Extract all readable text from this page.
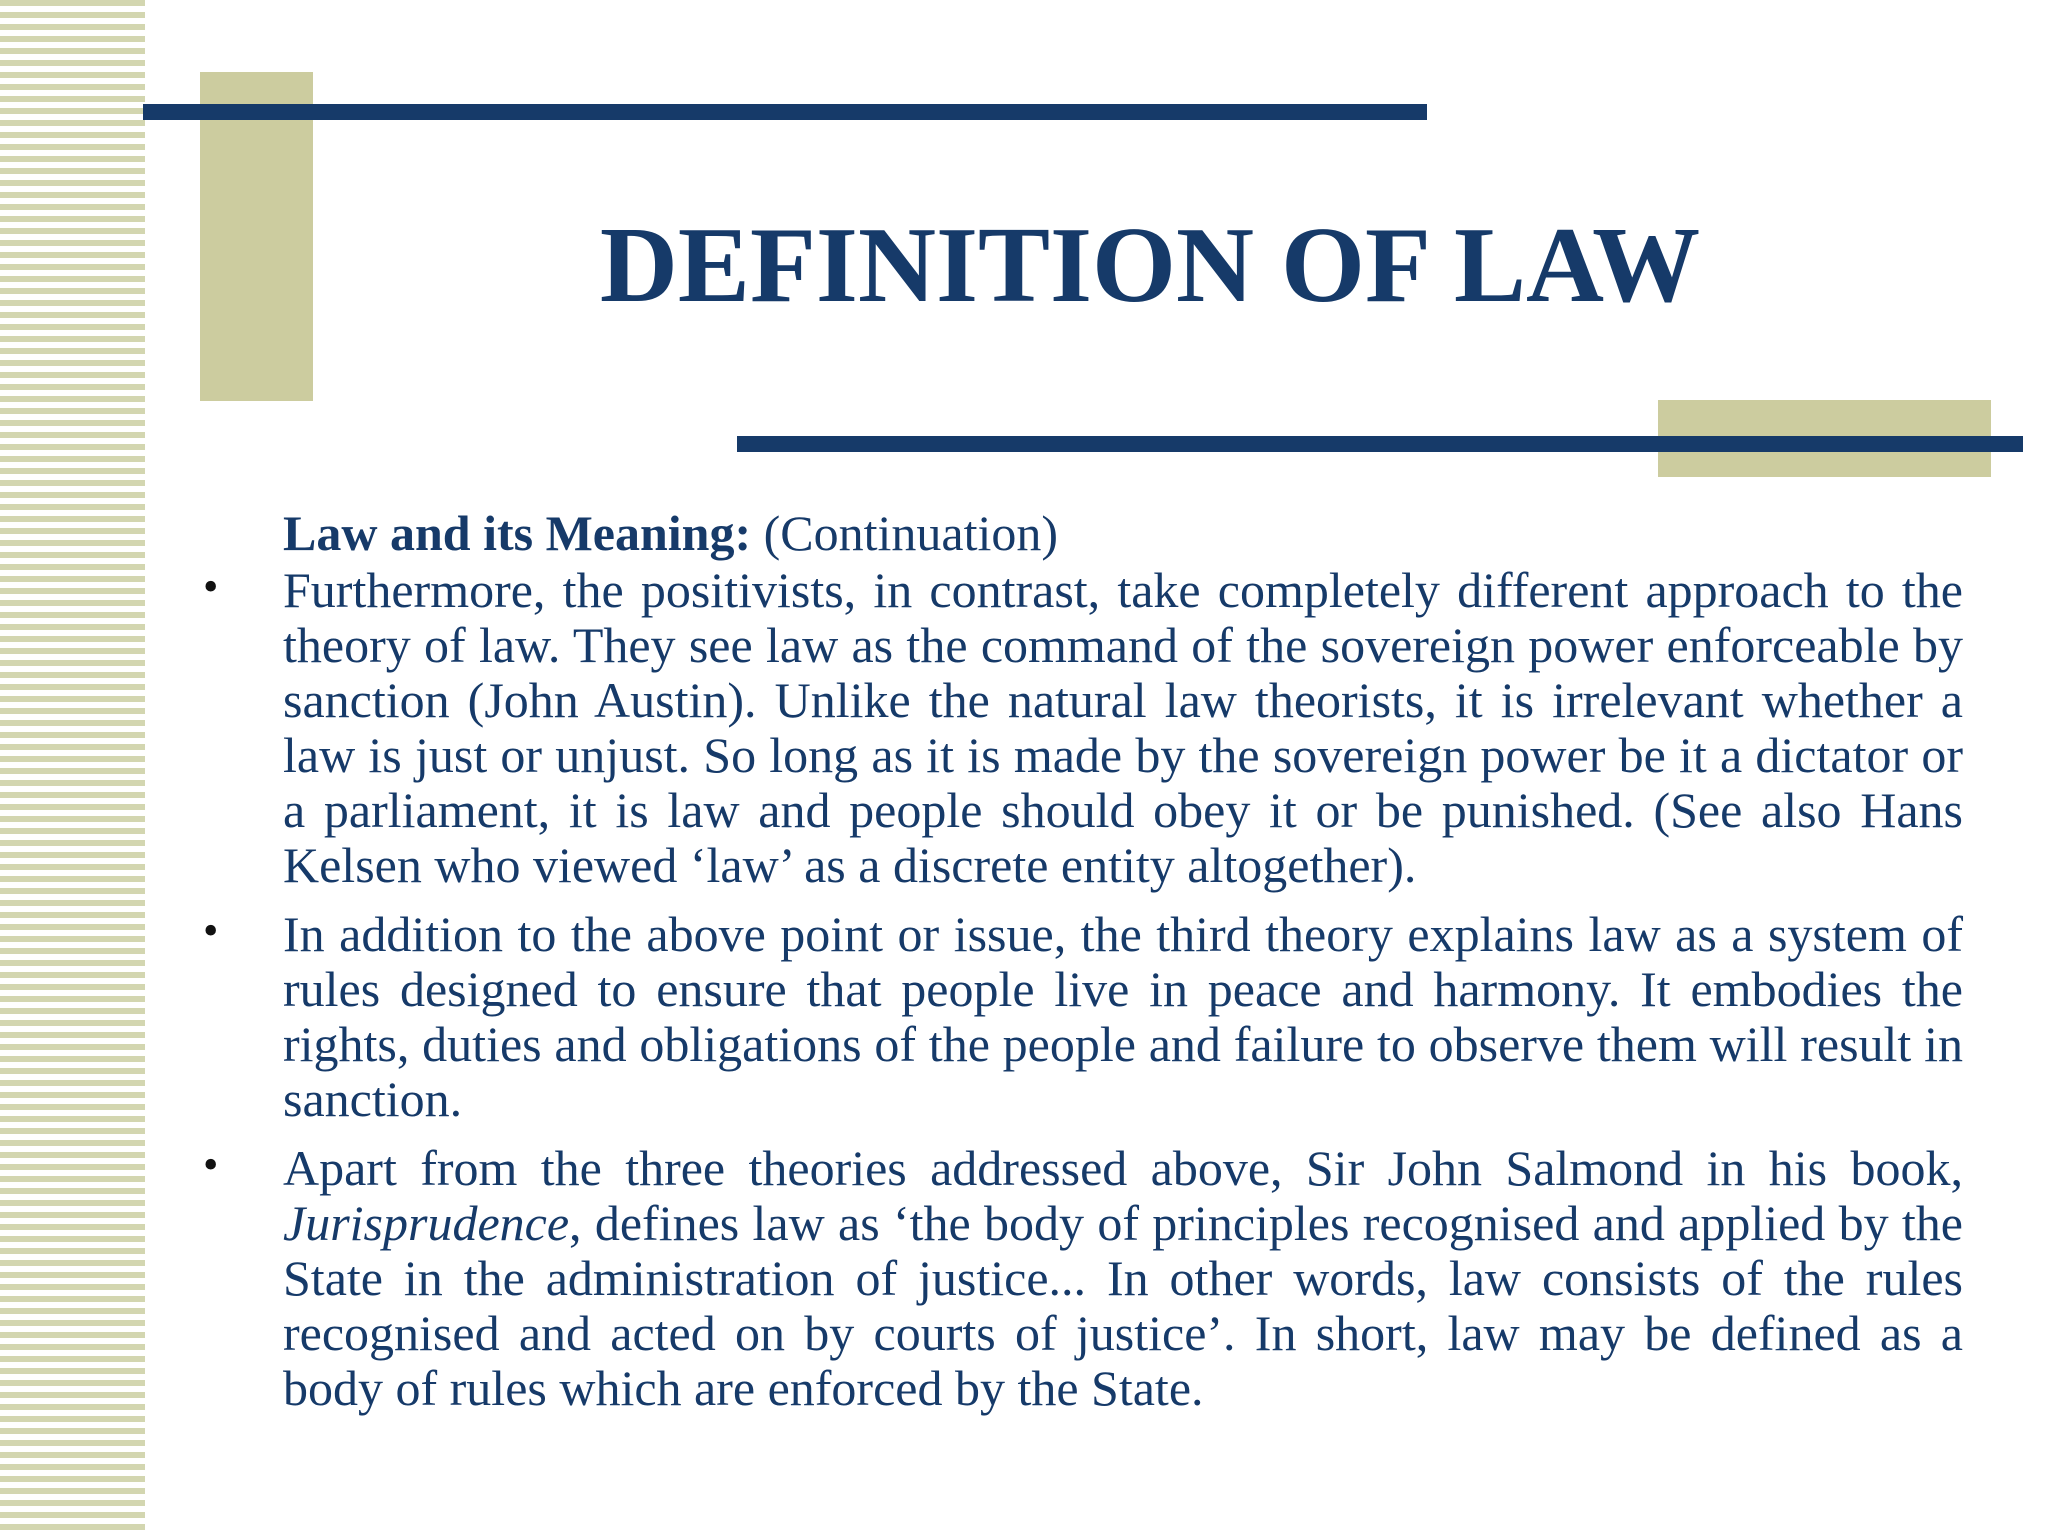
DEFINITION OF LAW

Law and its Meaning: (Continuation)

• Furthermore, the positivists, in contrast, take completely different approach to the theory of law. They see law as the command of the sovereign power enforceable by sanction (John Austin). Unlike the natural law theorists, it is irrelevant whether a law is just or unjust. So long as it is made by the sovereign power be it a dictator or a parliament, it is law and people should obey it or be punished. (See also Hans Kelsen who viewed ‘law’ as a discrete entity altogether).
• In addition to the above point or issue, the third theory explains law as a system of rules designed to ensure that people live in peace and harmony. It embodies the rights, duties and obligations of the people and failure to observe them will result in sanction.
• Apart from the three theories addressed above, Sir John Salmond in his book, Jurisprudence, defines law as ‘the body of principles recognised and applied by the State in the administration of justice... In other words, law consists of the rules recognised and acted on by courts of justice’. In short, law may be defined as a body of rules which are enforced by the State.
